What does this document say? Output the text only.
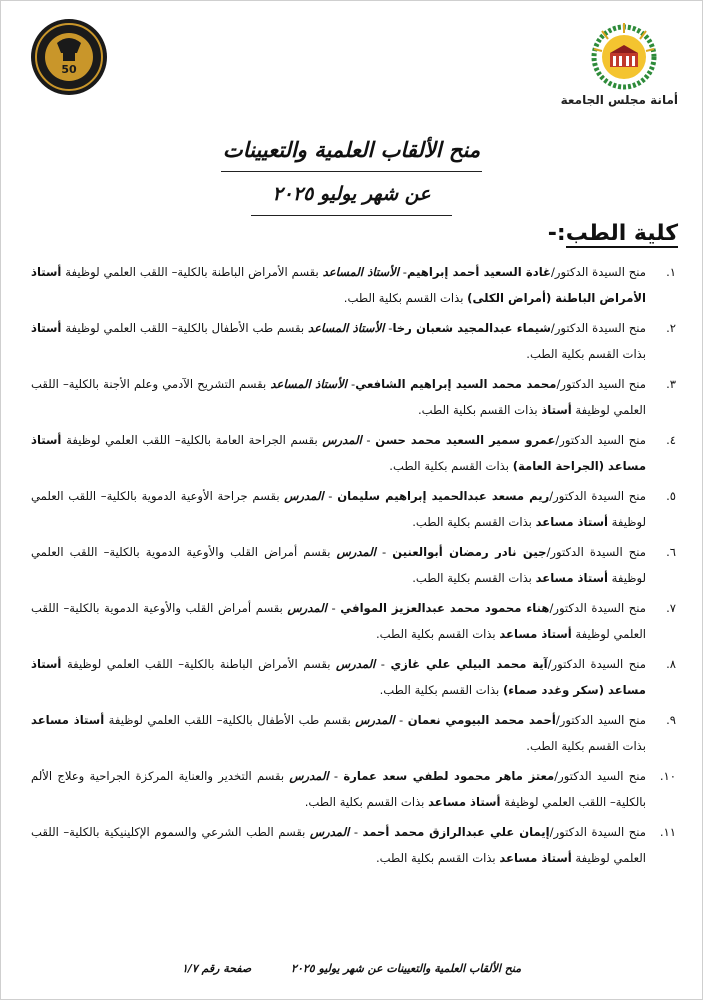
50
أمانة مجلس الجامعة
منح الألقاب العلمية والتعيينات
عن شهر يوليو ٢٠٢٥
كلية الطب:-
١.
منح السيدة الدكتور/غادة السعيد أحمد إبراهيم- الأستاذ المساعد بقسم الأمراض الباطنة بالكلية– اللقب العلمي لوظيفة أستاذ الأمراض الباطنة (أمراض الكلى) بذات القسم بكلية الطب.
٢.
منح السيدة الدكتور/شيماء عبدالمجيد شعبان رخا- الأستاذ المساعد بقسم طب الأطفال بالكلية– اللقب العلمي لوظيفة أستاذ بذات القسم بكلية الطب.
٣.
منح السيد الدكتور/محمد محمد السيد إبراهيم الشافعي- الأستاذ المساعد بقسم التشريح الآدمي وعلم الأجنة بالكلية– اللقب العلمي لوظيفة أستاذ بذات القسم بكلية الطب.
٤.
منح السيد الدكتور/عمرو سمير السعيد محمد حسن - المدرس بقسم الجراحة العامة بالكلية– اللقب العلمي لوظيفة أستاذ مساعد (الجراحة العامة) بذات القسم بكلية الطب.
٥.
منح السيدة الدكتور/ريم مسعد عبدالحميد إبراهيم سليمان - المدرس بقسم جراحة الأوعية الدموية بالكلية– اللقب العلمي لوظيفة أستاذ مساعد بذات القسم بكلية الطب.
٦.
منح السيدة الدكتور/جين نادر رمضان أبوالعنين - المدرس بقسم أمراض القلب والأوعية الدموية بالكلية– اللقب العلمي لوظيفة أستاذ مساعد بذات القسم بكلية الطب.
٧.
منح السيدة الدكتور/هناء محمود محمد عبدالعزيز الموافي - المدرس بقسم أمراض القلب والأوعية الدموية بالكلية– اللقب العلمي لوظيفة أستاذ مساعد بذات القسم بكلية الطب.
٨.
منح السيدة الدكتور/آية محمد البيلي علي غازي - المدرس بقسم الأمراض الباطنة بالكلية– اللقب العلمي لوظيفة أستاذ مساعد (سكر وغدد صماء) بذات القسم بكلية الطب.
٩.
منح السيد الدكتور/أحمد محمد البيومي نعمان - المدرس بقسم طب الأطفال بالكلية– اللقب العلمي لوظيفة أستاذ مساعد بذات القسم بكلية الطب.
١٠.
منح السيد الدكتور/معتز ماهر محمود لطفي سعد عمارة - المدرس بقسم التخدير والعناية المركزة الجراحية وعلاج الألم بالكلية– اللقب العلمي لوظيفة أستاذ مساعد بذات القسم بكلية الطب.
١١.
منح السيدة الدكتور/إيمان علي عبدالرازق محمد أحمد - المدرس بقسم الطب الشرعي والسموم الإكلينيكية بالكلية– اللقب العلمي لوظيفة أستاذ مساعد بذات القسم بكلية الطب.
منح الألقاب العلمية والتعيينات عن شهر يوليو ٢٠٢٥ صفحة رقم ١/٧
